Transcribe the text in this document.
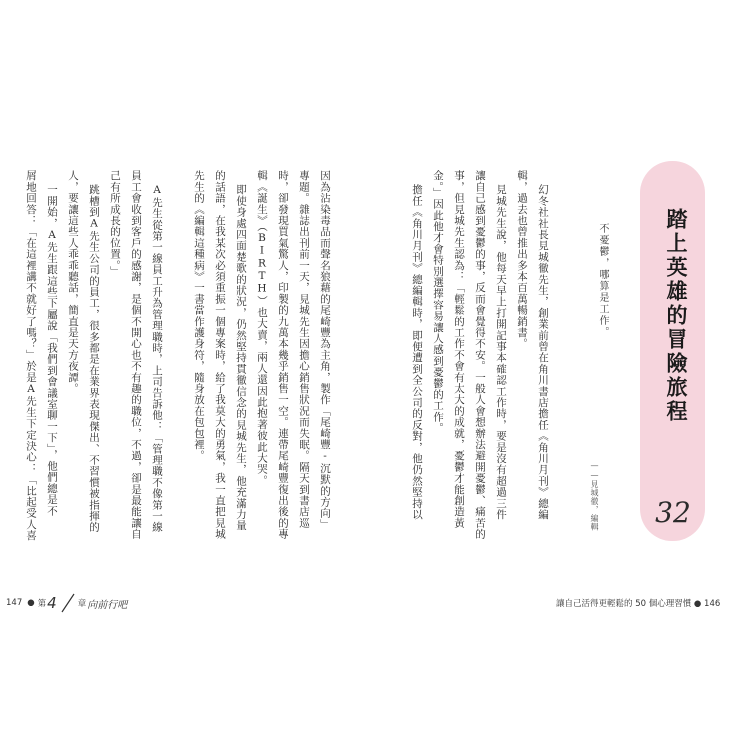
因為沾染毒品而聲名狼藉的尾崎豐為主角，製作「尾崎豐-沉默的方向」
專題。雜誌出刊前一天，見城先生因擔心銷售狀況而失眠。隔天到書店巡
時，卻發現買氣驚人，印製的九萬本幾乎銷售一空。連帶尾崎豐復出後的專
輯《誕生》（BIRTH）也大賣，兩人還因此抱著彼此大哭。
即使身處四面楚歌的狀況，仍然堅持貫徹信念的見城先生，他充滿力量
的話語，在我某次必須重振一個專案時，給了我莫大的勇氣，我一直把見城
先生的《編輯這種病》一書當作護身符，隨身放在包包裡。
A先生從第一線員工升為管理職時，上司告訴他：「管理職不像第一線
員工會收到客戶的感謝，是個不開心也不有趣的職位，不過，卻是最能讓自
己有所成長的位置。」
跳槽到A先生公司的員工，很多都是在業界表現傑出、不習慣被指揮的
人，要讓這些人乖乖聽話，簡直是天方夜譚。
一開始，A先生跟這些下屬說「我們到會議室聊一下」，他們總是不
屑地回答：「在這裡講不就好了嗎？」於是A先生下定決心：「比起受人喜
147 ● 第 4 章 向前行吧
幻冬社社長見城徹先生，創業前曾在角川書店擔任《角川月刊》總編
輯，過去也曾推出多本百萬暢銷書。
見城先生說，他每天早上打開記事本確認工作時，要是沒有超過三件
讓自己感到憂鬱的事，反而會覺得不安。一般人會想辦法避開憂鬱、痛苦的
事，但見城先生認為：「輕鬆的工作不會有太大的成就，憂鬱才能創造黃
金。」因此他才會特別選擇容易讓人感到憂鬱的工作。
擔任《角川月刊》總編輯時，即便遭到全公司的反對，他仍然堅持以	不憂鬱，哪算是工作。
——見城徹，編輯
踏上英雄的冒險旅程
32
讓自己活得更輕鬆的 50 個心理習慣 ● 146
